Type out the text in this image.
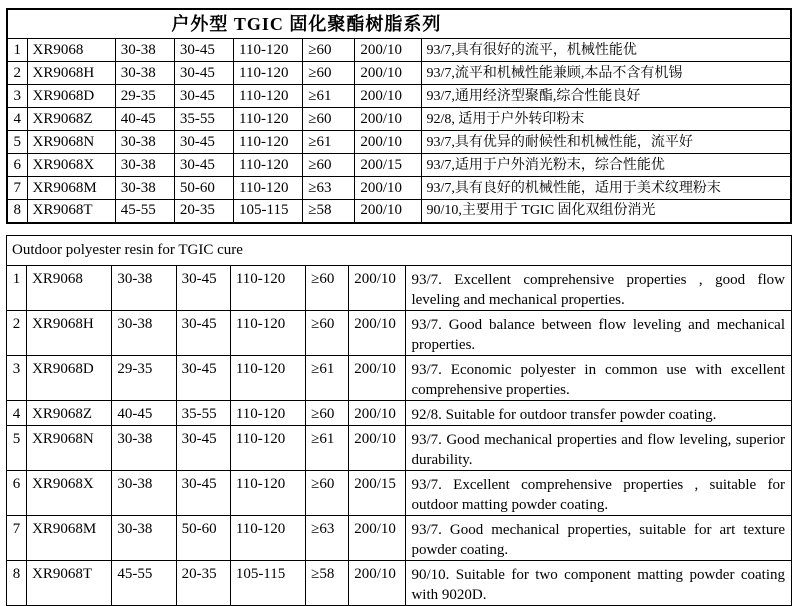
户外型 TGIC 固化聚酯树脂系列							

1	XR9068	30-38	30-45	110-120	≥60	200/10	93/7,具有很好的流平，机械性能优
2	XR9068H	30-38	30-45	110-120	≥60	200/10	93/7,流平和机械性能兼顾,本品不含有机锡
3	XR9068D	29-35	30-45	110-120	≥61	200/10	93/7,通用经济型聚酯,综合性能良好
4	XR9068Z	40-45	35-55	110-120	≥60	200/10	92/8, 适用于户外转印粉末
5	XR9068N	30-38	30-45	110-120	≥61	200/10	93/7,具有优异的耐候性和机械性能，流平好
6	XR9068X	30-38	30-45	110-120	≥60	200/15	93/7,适用于户外消光粉末，综合性能优
7	XR9068M	30-38	50-60	110-120	≥63	200/10	93/7,具有良好的机械性能，适用于美术纹理粉末
8	XR9068T	45-55	20-35	105-115	≥58	200/10	90/10,主要用于 TGIC 固化双组份消光
Outdoor polyester resin for TGIC cure							
1	XR9068	30-38	30-45	110-120	≥60	200/10	93/7. Excellent comprehensive properties , good flow leveling and mechanical properties.
2	XR9068H	30-38	30-45	110-120	≥60	200/10	93/7. Good balance between flow leveling and mechanical properties.
3	XR9068D	29-35	30-45	110-120	≥61	200/10	93/7. Economic polyester in common use with excellent comprehensive properties.
4	XR9068Z	40-45	35-55	110-120	≥60	200/10	92/8. Suitable for outdoor transfer powder coating.
5	XR9068N	30-38	30-45	110-120	≥61	200/10	93/7. Good mechanical properties and flow leveling, superior durability.
6	XR9068X	30-38	30-45	110-120	≥60	200/15	93/7. Excellent comprehensive properties , suitable for outdoor matting powder coating.
7	XR9068M	30-38	50-60	110-120	≥63	200/10	93/7. Good mechanical properties, suitable for art texture powder coating.
8	XR9068T	45-55	20-35	105-115	≥58	200/10	90/10. Suitable for two component matting powder coating with 9020D.
